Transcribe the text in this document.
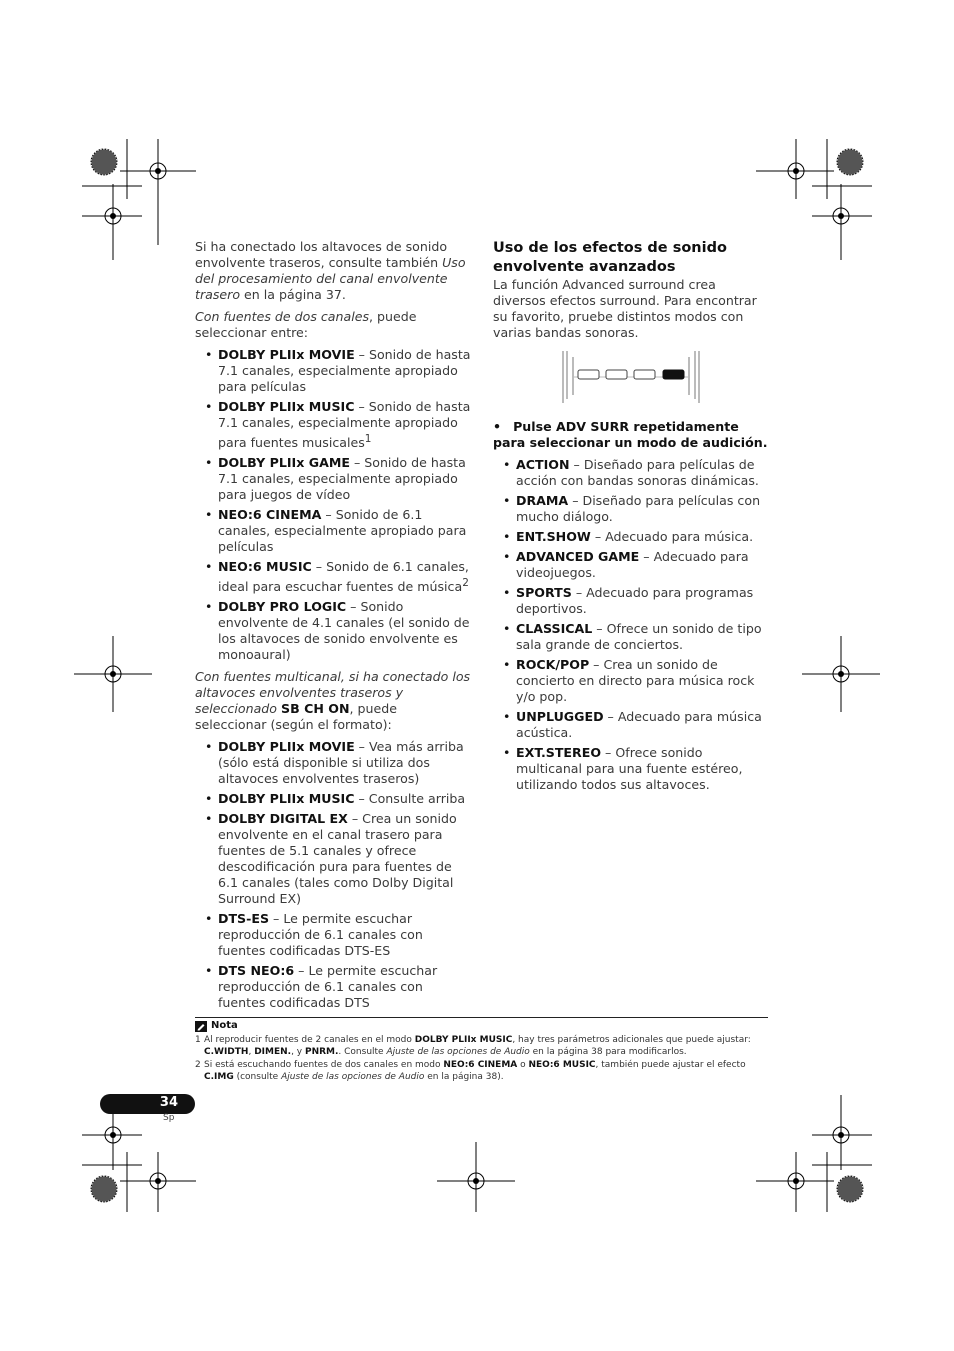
Si ha conectado los altavoces de sonido envolvente traseros, consulte también Uso del procesamiento del canal envolvente trasero en la página 37.

Con fuentes de dos canales, puede seleccionar entre:

• DOLBY PLIIx MOVIE – Sonido de hasta 7.1 canales, especialmente apropiado para películas
• DOLBY PLIIx MUSIC – Sonido de hasta 7.1 canales, especialmente apropiado para fuentes musicales$^1$
• DOLBY PLIIx GAME – Sonido de hasta 7.1 canales, especialmente apropiado para juegos de vídeo
• NEO:6 CINEMA – Sonido de 6.1 canales, especialmente apropiado para películas
• NEO:6 MUSIC – Sonido de 6.1 canales, ideal para escuchar fuentes de música$^2$
• DOLBY PRO LOGIC – Sonido envolvente de 4.1 canales (el sonido de los altavoces de sonido envolvente es monoaural)

Con fuentes multicanal, si ha conectado los altavoces envolventes traseros y seleccionado SB CH ON, puede seleccionar (según el formato):

• DOLBY PLIIx MOVIE – Vea más arriba (sólo está disponible si utiliza dos altavoces envolventes traseros)
• DOLBY PLIIx MUSIC – Consulte arriba
• DOLBY DIGITAL EX – Crea un sonido envolvente en el canal trasero para fuentes de 5.1 canales y ofrece descodificación pura para fuentes de 6.1 canales (tales como Dolby Digital Surround EX)
• DTS-ES – Le permite escuchar reproducción de 6.1 canales con fuentes codificadas DTS-ES
• DTS NEO:6 – Le permite escuchar reproducción de 6.1 canales con fuentes codificadas DTS
Uso de los efectos de sonido envolvente avanzados

La función Advanced surround crea diversos efectos surround. Para encontrar su favorito, pruebe distintos modos con varias bandas sonoras.

• Pulse ADV SURR repetidamente para seleccionar un modo de audición.

• ACTION – Diseñado para películas de acción con bandas sonoras dinámicas.
• DRAMA – Diseñado para películas con mucho diálogo.
• ENT.SHOW – Adecuado para música.
• ADVANCED GAME – Adecuado para videojuegos.
• SPORTS – Adecuado para programas deportivos.
• CLASSICAL – Ofrece un sonido de tipo sala grande de conciertos.
• ROCK/POP – Crea un sonido de concierto en directo para música rock y/o pop.
• UNPLUGGED – Adecuado para música acústica.
• EXT.STEREO – Ofrece sonido multicanal para una fuente estéreo, utilizando todos sus altavoces.
Nota
1 Al reproducir fuentes de 2 canales en el modo DOLBY PLIIx MUSIC, hay tres parámetros adicionales que puede ajustar: C.WIDTH, DIMEN., y PNRM.. Consulte Ajuste de las opciones de Audio en la página 38 para modificarlos.
2 Si está escuchando fuentes de dos canales en modo NEO:6 CINEMA o NEO:6 MUSIC, también puede ajustar el efecto C.IMG (consulte Ajuste de las opciones de Audio en la página 38).
34
Sp
